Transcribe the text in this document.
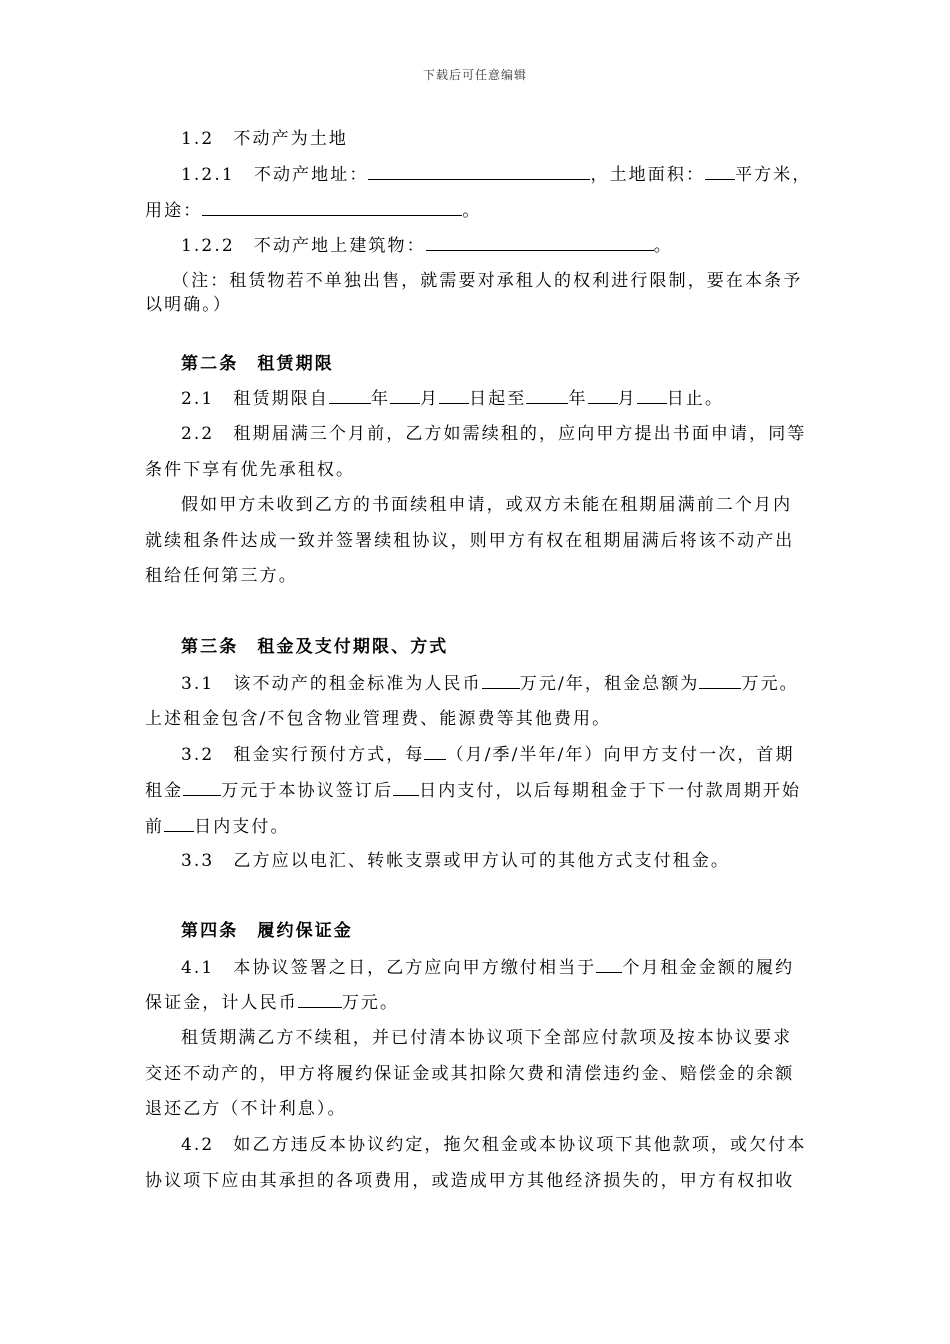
下载后可任意编辑
1.2　不动产为土地
1.2.1　不动产地址：	，土地面积： 平方米，
用途：	。
1.2.2　不动产地上建筑物：	。
（注：租赁物若不单独出售，就需要对承租人的权利进行限制，要在本条予
以明确。）
第二条　租赁期限
2.1　租赁期限自 年 月 日起至 年 月 日止。
2.2　租期届满三个月前，乙方如需续租的，应向甲方提出书面申请，同等
条件下享有优先承租权。
假如甲方未收到乙方的书面续租申请，或双方未能在租期届满前二个月内
就续租条件达成一致并签署续租协议，则甲方有权在租期届满后将该不动产出
租给任何第三方。
第三条　租金及支付期限、方式
3.1　该不动产的租金标准为人民币 万元/年，租金总额为 万元。
上述租金包含/不包含物业管理费、能源费等其他费用。
3.2　租金实行预付方式，每 （月/季/半年/年）向甲方支付一次，首期
租金 万元于本协议签订后 日内支付，以后每期租金于下一付款周期开始
前 日内支付。
3.3　乙方应以电汇、转帐支票或甲方认可的其他方式支付租金。
第四条　履约保证金
4.1　本协议签署之日，乙方应向甲方缴付相当于 个月租金金额的履约
保证金，计人民币	万元。
租赁期满乙方不续租，并已付清本协议项下全部应付款项及按本协议要求
交还不动产的，甲方将履约保证金或其扣除欠费和清偿违约金、赔偿金的余额
退还乙方（不计利息）。
4.2　如乙方违反本协议约定，拖欠租金或本协议项下其他款项，或欠付本
协议项下应由其承担的各项费用，或造成甲方其他经济损失的，甲方有权扣收
